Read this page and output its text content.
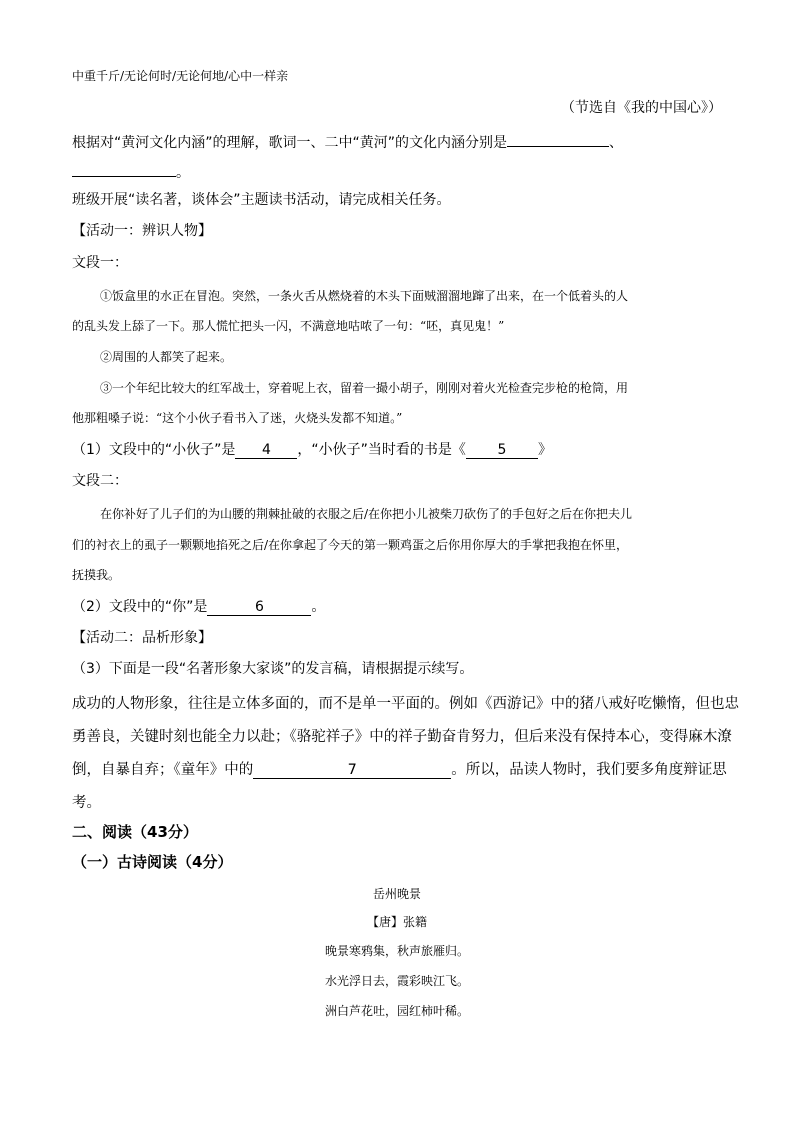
中重千斤/无论何时/无论何地/心中一样亲
（节选自《我的中国心》）
根据对“黄河文化内涵”的理解，歌词一、二中“黄河”的文化内涵分别是	、
。
班级开展“读名著，谈体会”主题读书活动，请完成相关任务。
【活动一：辨识人物】
文段一：
①饭盒里的水正在冒泡。突然，一条火舌从燃烧着的木头下面贼溜溜地蹿了出来，在一个低着头的人
的乱头发上舔了一下。那人慌忙把头一闪，不满意地咕哝了一句：“呸，真见鬼！”
②周围的人都笑了起来。
③一个年纪比较大的红军战士，穿着呢上衣，留着一撮小胡子，刚刚对着火光检查完步枪的枪筒，用
他那粗嗓子说：“这个小伙子看书入了迷，火烧头发都不知道。”
（1）文段中的“小伙子”是 4 ，“小伙子”当时看的书是《 5 》
文段二：
在你补好了儿子们的为山腰的荆棘扯破的衣服之后/在你把小儿被柴刀砍伤了的手包好之后在你把夫儿
们的衬衣上的虱子一颗颗地掐死之后/在你拿起了今天的第一颗鸡蛋之后你用你厚大的手掌把我抱在怀里，
抚摸我。
（2）文段中的“你”是	6	。
【活动二：品析形象】
（3）下面是一段“名著形象大家谈”的发言稿，请根据提示续写。
成功的人物形象，往往是立体多面的，而不是单一平面的。例如《西游记》中的猪八戒好吃懒惰，但也忠
勇善良，关键时刻也能全力以赴；《骆驼祥子》中的祥子勤奋肯努力，但后来没有保持本心，变得麻木潦
倒，自暴自弃；《童年》中的	7	。所以，品读人物时，我们要多角度辩证思
考。
二、阅读（43分）
（一）古诗阅读（4分）
岳州晚景
【唐】张籍
晚景寒鸦集，秋声旅雁归。
水光浮日去，霞彩映江飞。
洲白芦花吐，园红柿叶稀。
